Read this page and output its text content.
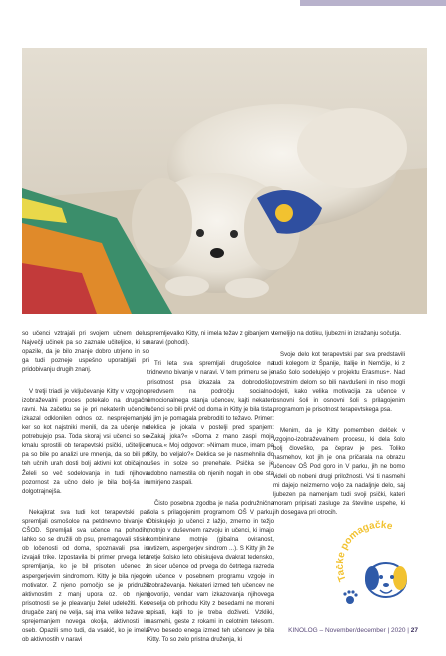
so učenci vztrajali pri svojem učnem delu. Največji učinek pa so zaznale učiteljice, ki so opazile, da je bilo znanje dobro utrjeno in so ga tudi pozneje uspešno uporabljali pri pridobivanju drugih znanj.

V tretji triadi je vključevanje Kitty v vzgojno-izobraževalni proces potekalo na drugačni ravni. Na začetku se je pri nekaterih učencih izkazal odklonilen odnos oz. nesprejemanje, ker so kot najstniki menili, da za učenje ne potrebujejo psa. Toda skoraj vsi učenci so se kmalu sprostili ob terapevtski psički, učiteljice pa so bile po analizi ure mnenja, da so bili pri teh učnih urah dosti bolj aktivni kot običajno. Želeli so več sodelovanja in tudi njihova pozornost za učno delo je bila bolj-ša in dolgotrajnejša.

Nekajkrat sva tudi kot terapevtski par spremljali osmošolce na petdnevno bivanje v CŠOD. Spremljali sva učence na pohodih, lahko so se družili ob psu, premagovali stiske ob ločenosti od doma, spoznavali psa in izvajali trike. Izpostavila bi primer prvega leta spremljanja, ko je bil prisoten učenec z aspergerjevim sindromom. Kitty je bila njegov motivator. Z njeno pomočjo se je pridružil aktivnostim z manj upora oz. ob njeni prisotnosti se je pleavanju želel udeležiti. Ker drugače zanj ne velja, saj ima velike težave s sprejemanjem novega okolja, aktivnosti in oseb. Opazili smo tudi, da vsakič, ko je imela ob aktivnostih v naravi

spremljevalko Kitty, ni imela težav z gibanjem v naravi (pohodi).

Tri leta sva spremljali drugošolce na tridnevno bivanje v naravi. V tem primeru se je prisotnost psa izkazala za dobrodošlo, predvsem na področju socialno-emocionalnega stanja učencev, kajti nekateri učenci so bili prvič od doma in Kitty je bila tista, ki jim je pomagala prebroditi to težavo. Primer: deklica je jokala v postelji pred spanjem: »Zakaj joka?« »Doma z mano zaspi moja muca.« Moj odgovor: »Nimam muce, imam pa Kity, bo veljalo?« Deklica se je nasmehnila do ušes in solze so prenehale. Psička se je udobno namestila ob njenih nogah in obe sta umirjeno zaspali.

Čisto posebna zgodba je naša podružnična šola s prilagojenim programom OŠ V parku. Obiskujejo jo učenci z lažjo, zmerno in težjo motnjo v duševnem razvoju in učenci, ki imajo kombinirane motnje (gibalna oviranost, avtizem, aspergerjev sindrom ...). S Kitty jih že tretje šolsko leto obiskujeva dvakrat tedensko, in sicer učence od prvega do četrtega razreda in učence v posebnem programu vzgoje in izobraževanja. Nekateri izmed teh učencev ne govorijo, vendar vam izkazovanja njihovega veselja ob prihodu Kity z besedami ne moreni opisati, kajti to je treba doživeti. Vzkliki, nasmehi, geste z rokami in celotnim telesom. Prvo besedo enega izmed teh učencev je bila Kitty. To so zelo pristna druženja, ki

temeljijo na dotiku, ljubezni in izražanju sočutja.

Svoje delo kot terapevtski par sva predstavili tudi kolegom iz Španije, Italije in Nemčije, ki z našo šolo sodelujejo v projektu Erasmus+. Nad tovrstnim delom so bili navdušeni in niso mogli dojeti, kako velika motivacija za učence v osnovni šoli in osnovni šoli s prilagojenim programom je prisotnost terapevtskega psa.

Menim, da je Kitty pomemben delček v vzgojno-izobraževalnem procesu, ki dela šolo bolj človeško, pa čeprav je pes. Toliko nasmehov, kot jih je ona pričarala na obrazu učencev OŠ Pod goro in V parku, jih ne bomo videli ob nobeni drugi priložnosti. Vsi ti nasmehi mi dajejo neizmerno voljo za nadaljnje delo, saj ljubezen pa namenjam tudi svoji psički, kateri moram pripisati zasluge za številne uspehe, ki jih dosegava pri otrocih.

Ta e pomagačke
KINOLOG – November/december | 2020 | 27
